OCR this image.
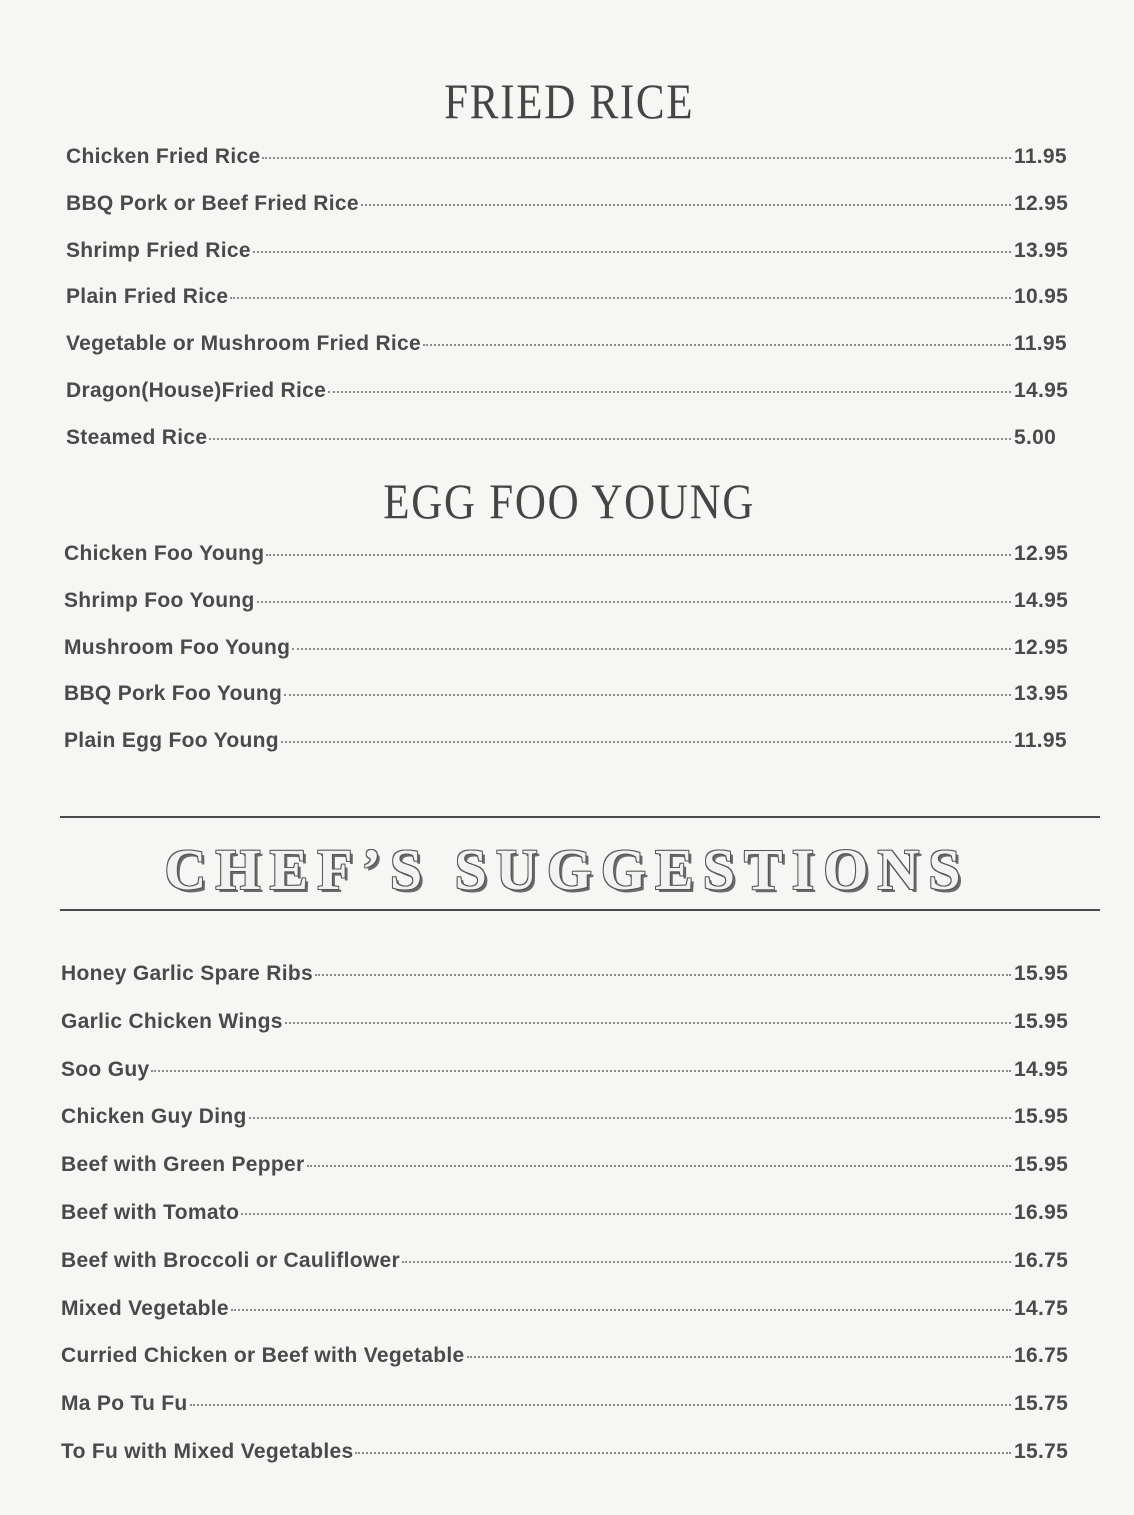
FRIED RICE
Chicken Fried Rice	11.95
BBQ Pork or Beef Fried Rice	12.95
Shrimp Fried Rice	13.95
Plain Fried Rice	10.95
Vegetable or Mushroom Fried Rice	11.95
Dragon(House)Fried Rice	14.95
Steamed Rice	5.00
EGG FOO YOUNG
Chicken Foo Young	12.95
Shrimp Foo Young	14.95
Mushroom Foo Young	12.95
BBQ Pork Foo Young	13.95
Plain Egg Foo Young	11.95
CHEF’S SUGGESTIONS
Honey Garlic Spare Ribs	15.95
Garlic Chicken Wings	15.95
Soo Guy	14.95
Chicken Guy Ding	15.95
Beef with Green Pepper	15.95
Beef with Tomato	16.95
Beef with Broccoli or Cauliflower	16.75
Mixed Vegetable	14.75
Curried Chicken or Beef with Vegetable	16.75
Ma Po Tu Fu	15.75
To Fu with Mixed Vegetables	15.75
